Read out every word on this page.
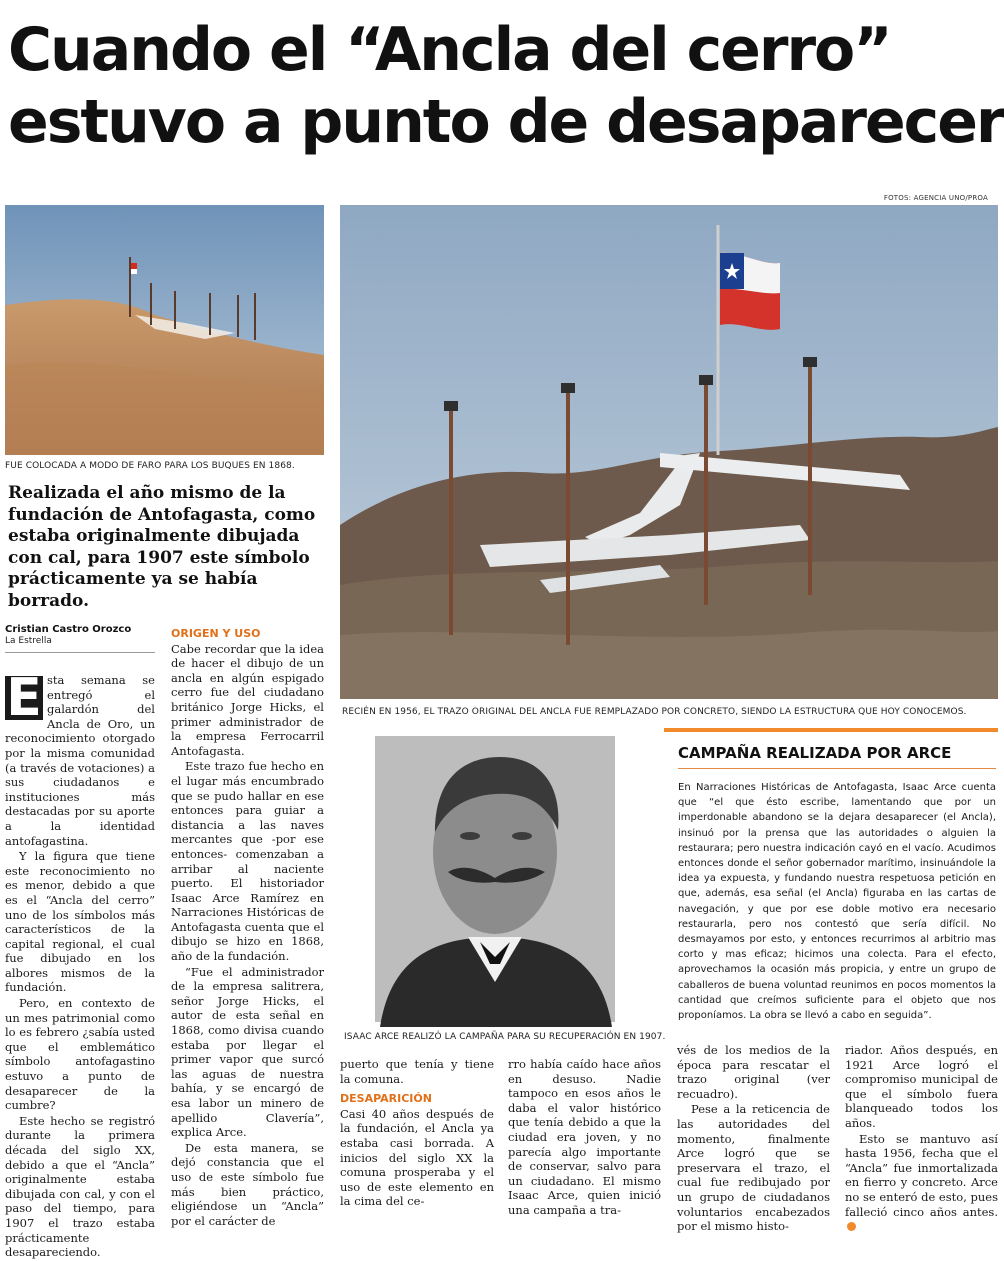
Cuando el “Ancla del cerro”
estuvo a punto de desaparecer
FOTOS: AGENCIA UNO/PROA
FUE COLOCADA A MODO DE FARO PARA LOS BUQUES EN 1868.
Realizada el año mismo de la fundación de Antofagasta, como estaba originalmente dibujada con cal, para 1907 este símbolo prácticamente ya se había borrado.
Cristian Castro Orozco
La Estrella
RECIÉN EN 1956, EL TRAZO ORIGINAL DEL ANCLA FUE REMPLAZADO POR CONCRETO, SIENDO LA ESTRUCTURA QUE HOY CONOCEMOS.
ISAAC ARCE REALIZÓ LA CAMPAÑA PARA SU RECUPERACIÓN EN 1907.

E sta semana se entregó el galardón del Ancla de Oro, un reconocimiento otorgado por la misma comunidad (a través de votaciones) a sus ciudadanos e instituciones más destacadas por su aporte a la identidad antofagastina.

Y la figura que tiene este reconocimiento no es menor, debido a que es el “Ancla del cerro” uno de los símbolos más característicos de la capital regional, el cual fue dibujado en los albores mismos de la fundación.

Pero, en contexto de un mes patrimonial como lo es febrero ¿sabía usted que el emblemático símbolo antofagastino estuvo a punto de desaparecer de la cumbre?

Este hecho se registró durante la primera década del siglo XX, debido a que el “Ancla” originalmente estaba dibujada con cal, y con el paso del tiempo, para 1907 el trazo estaba prácticamente desapareciendo.

ORIGEN Y USO

Cabe recordar que la idea de hacer el dibujo de un ancla en algún espigado cerro fue del ciudadano británico Jorge Hicks, el primer administrador de la empresa Ferrocarril Antofagasta.

Este trazo fue hecho en el lugar más encumbrado que se pudo hallar en ese entonces para guiar a distancia a las naves mercantes que -por ese entonces- comenzaban a arribar al naciente puerto. El historiador Isaac Arce Ramírez en Narraciones Históricas de Antofagasta cuenta que el dibujo se hizo en 1868, año de la fundación.

“Fue el administrador de la empresa salitrera, señor Jorge Hicks, el autor de esta señal en 1868, como divisa cuando estaba por llegar el primer vapor que surcó las aguas de nuestra bahía, y se encargó de esa labor un minero de apellido Clavería”, explica Arce.

De esta manera, se dejó constancia que el uso de este símbolo fue más bien práctico, eligiéndose un “Ancla” por el carácter de

puerto que tenía y tiene la comuna.

DESAPARICIÓN

Casi 40 años después de la fundación, el Ancla ya estaba casi borrada. A inicios del siglo XX la comuna prosperaba y el uso de este elemento en la cima del ce-

rro había caído hace años en desuso. Nadie tampoco en esos años le daba el valor histórico que tenía debido a que la ciudad era joven, y no parecía algo importante de conservar, salvo para un ciudadano. El mismo Isaac Arce, quien inició una campaña a tra-

vés de los medios de la época para rescatar el trazo original (ver recuadro).

Pese a la reticencia de las autoridades del momento, finalmente Arce logró que se preservara el trazo, el cual fue redibujado por un grupo de ciudadanos voluntarios encabezados por el mismo histo-

riador. Años después, en 1921 Arce logró el compromiso municipal de que el símbolo fuera blanqueado todos los años.

Esto se mantuvo así hasta 1956, fecha que el “Ancla” fue inmortalizada en fierro y concreto. Arce no se enteró de esto, pues falleció cinco años antes.

CAMPAÑA REALIZADA POR ARCE
En Narraciones Históricas de Antofagasta, Isaac Arce cuenta que “el que ésto escribe, lamentando que por un imperdonable abandono se la dejara desaparecer (el Ancla), insinuó por la prensa que las autoridades o alguien la restaurara; pero nuestra indicación cayó en el vacío. Acudimos entonces donde el señor gobernador marítimo, insinuándole la idea ya expuesta, y fundando nuestra respetuosa petición en que, además, esa señal (el Ancla) figuraba en las cartas de navegación, y que por ese doble motivo era necesario restaurarla, pero nos contestó que sería difícil. No desmayamos por esto, y entonces recurrimos al arbitrio mas corto y mas eficaz; hicimos una colecta. Para el efecto, aprovechamos la ocasión más propicia, y entre un grupo de caballeros de buena voluntad reunimos en pocos momentos la cantidad que creímos suficiente para el objeto que nos proponíamos. La obra se llevó a cabo en seguida”.
